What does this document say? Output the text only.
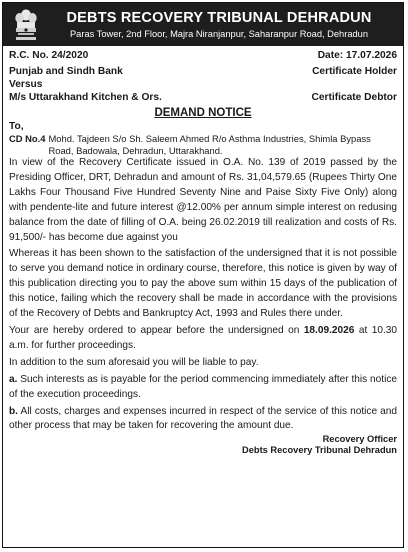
DEBTS RECOVERY TRIBUNAL DEHRADUN
Paras Tower, 2nd Floor, Majra Niranjanpur, Saharanpur Road, Dehradun
R.C. No. 24/2020	Date: 17.07.2026
Punjab and Sindh Bank	Certificate Holder
Versus
M/s Uttarakhand Kitchen & Ors.	Certificate Debtor
DEMAND NOTICE
To,
CD No.4 Mohd. Tajdeen S/o Sh. Saleem Ahmed R/o Asthma Industries, Shimla Bypass Road, Badowala, Dehradun, Uttarakhand.

In view of the Recovery Certificate issued in O.A. No. 139 of 2019 passed by the Presiding Officer, DRT, Dehradun and amount of Rs. 31,04,579.65 (Rupees Thirty One Lakhs Four Thousand Five Hundred Seventy Nine and Paise Sixty Five Only) along with pendente-lite and future interest @12.00% per annum simple interest on redusing balance from the date of filling of O.A. being 26.02.2019 till realization and costs of Rs. 91,500/- has become due against you

Whereas it has been shown to the satisfaction of the undersigned that it is not possible to serve you demand notice in ordinary course, therefore, this notice is given by way of this publication directing you to pay the above sum within 15 days of the publication of this notice, failing which the recovery shall be made in accordance with the provisions of the Recovery of Debts and Bankruptcy Act, 1993 and Rules there under.

Your are hereby ordered to appear before the undersigned on 18.09.2026 at 10.30 a.m. for further proceedings.

In addition to the sum aforesaid you will be liable to pay.

a. Such interests as is payable for the period commencing immediately after this notice of the execution proceedings.

b. All costs, charges and expenses incurred in respect of the service of this notice and other process that may be taken for recovering the amount due.

Recovery Officer
Debts Recovery Tribunal Dehradun
